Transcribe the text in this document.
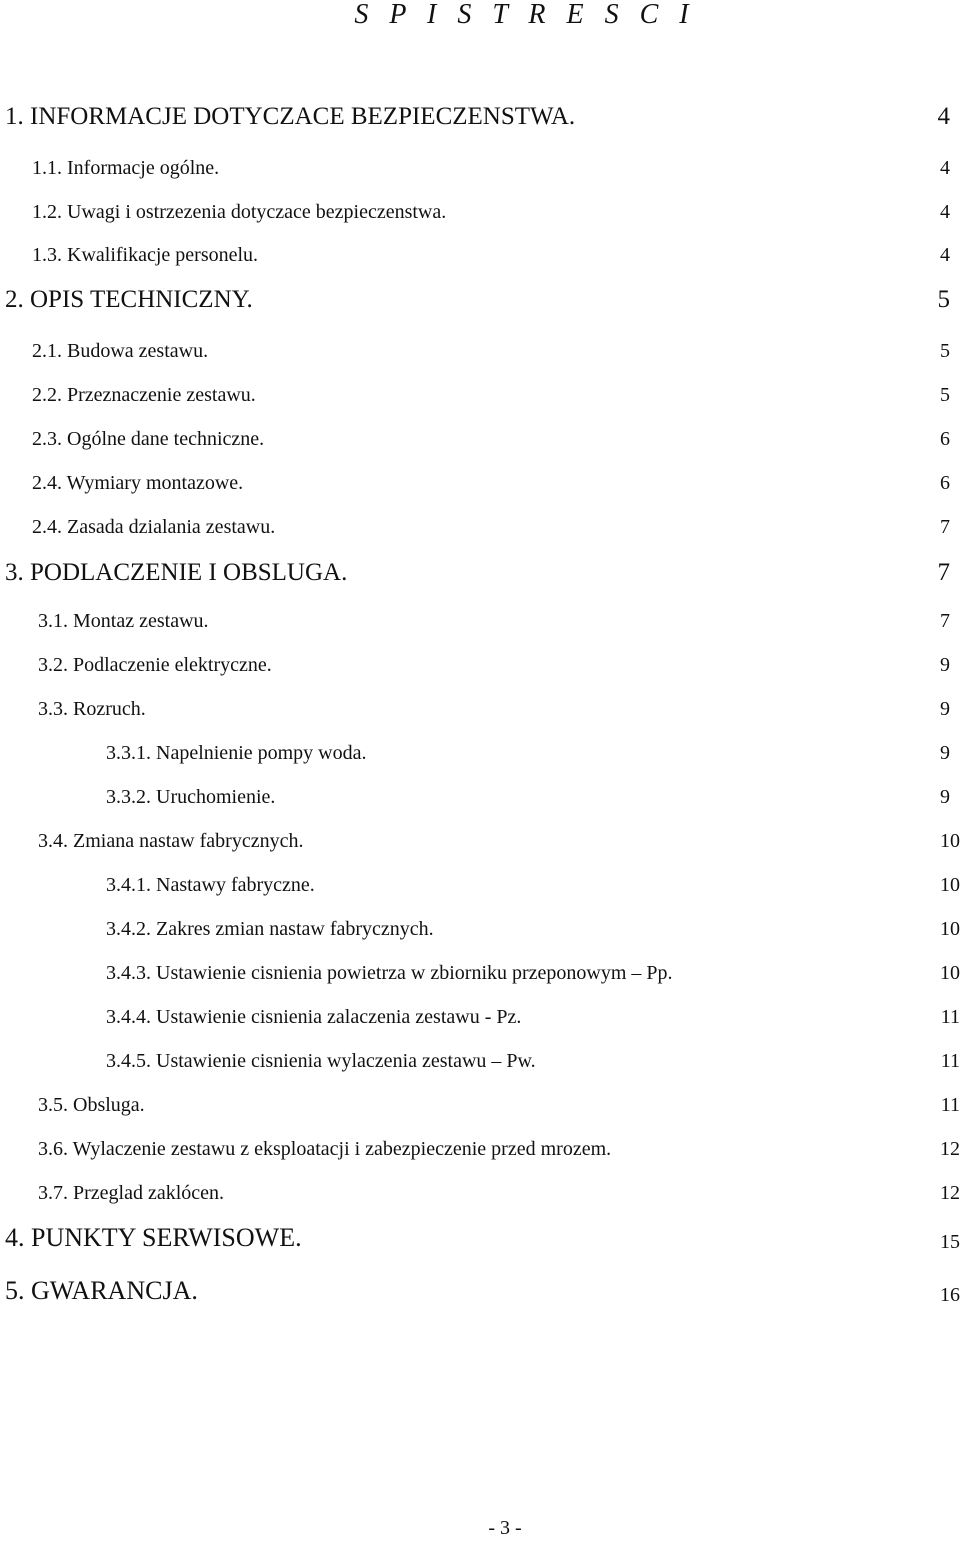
S P I S T R E S C I
1. INFORMACJE DOTYCZACE BEZPIECZENSTWA.	4
1.1. Informacje ogólne.	4
1.2. Uwagi i ostrzezenia dotyczace bezpieczenstwa.	4
1.3. Kwalifikacje personelu.	4
2. OPIS TECHNICZNY.	5
2.1. Budowa zestawu.	5
2.2. Przeznaczenie zestawu.	5
2.3. Ogólne dane techniczne.	6
2.4. Wymiary montazowe.	6
2.4. Zasada dzialania zestawu.	7
3. PODLACZENIE I OBSLUGA.	7
3.1. Montaz zestawu.	7
3.2. Podlaczenie elektryczne.	9
3.3. Rozruch.	9
3.3.1. Napelnienie pompy woda.	9
3.3.2. Uruchomienie.	9
3.4. Zmiana nastaw fabrycznych.	10
3.4.1. Nastawy fabryczne.	10
3.4.2. Zakres zmian nastaw fabrycznych.	10
3.4.3. Ustawienie cisnienia powietrza w zbiorniku przeponowym – Pp.	10
3.4.4. Ustawienie cisnienia zalaczenia zestawu - Pz.	11
3.4.5. Ustawienie cisnienia wylaczenia zestawu – Pw.	11
3.5. Obsluga.	11
3.6. Wylaczenie zestawu z eksploatacji i zabezpieczenie przed mrozem.	12
3.7. Przeglad zaklócen.	12
4. PUNKTY SERWISOWE.	15
5. GWARANCJA.	16
- 3 -
